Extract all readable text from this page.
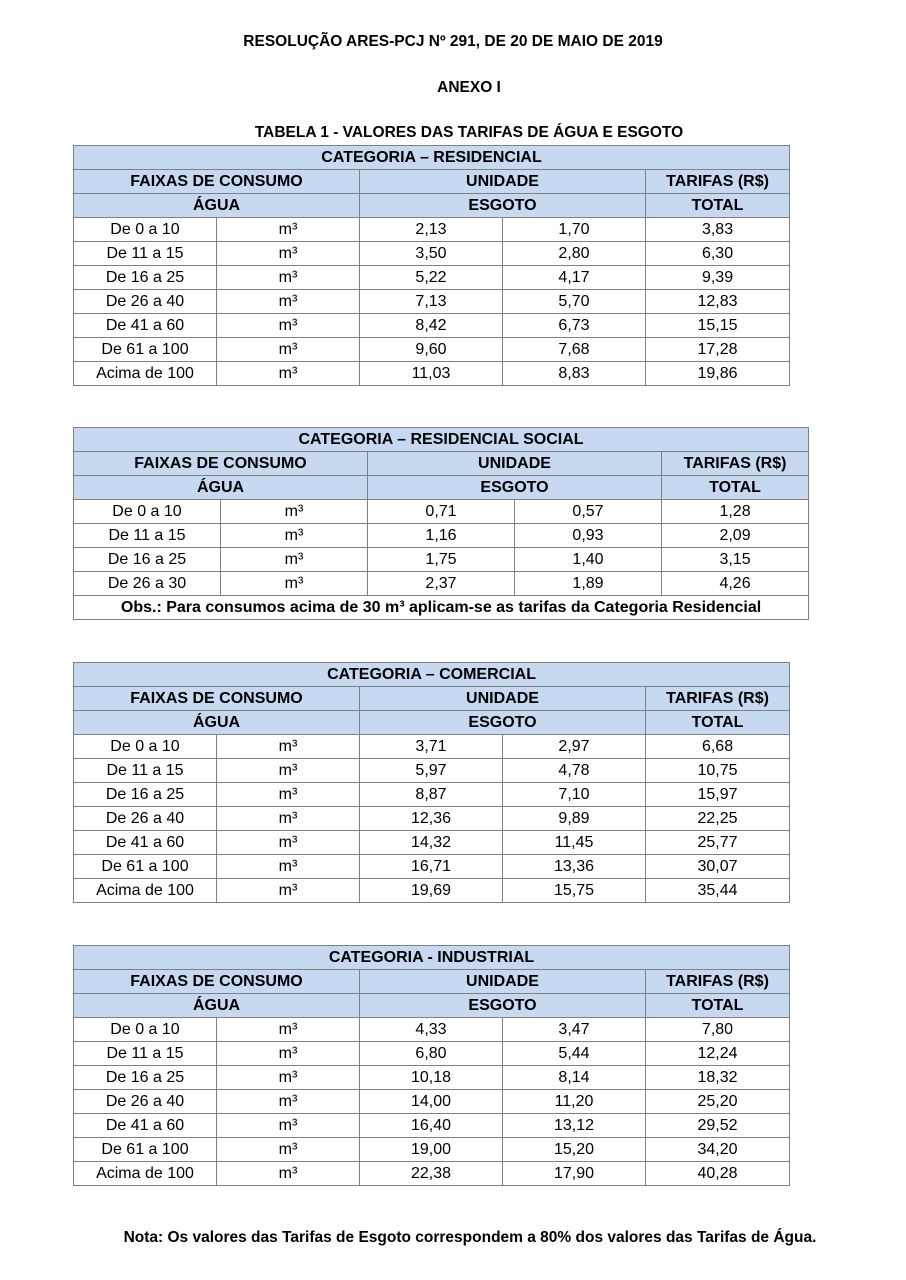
RESOLUÇÃO ARES-PCJ Nº 291, DE 20 DE MAIO DE 2019

ANEXO I

TABELA 1 - VALORES DAS TARIFAS DE ÁGUA E ESGOTO

CATEGORIA – RESIDENCIAL				
FAIXAS DE CONSUMO		UNIDADE		TARIFAS (R$)
ÁGUA		ESGOTO		TOTAL
De 0 a 10	m³	2,13	1,70	3,83
De 11 a 15	m³	3,50	2,80	6,30
De 16 a 25	m³	5,22	4,17	9,39
De 26 a 40	m³	7,13	5,70	12,83
De 41 a 60	m³	8,42	6,73	15,15
De 61 a 100	m³	9,60	7,68	17,28
Acima de 100	m³	11,03	8,83	19,86
CATEGORIA – RESIDENCIAL SOCIAL				
FAIXAS DE CONSUMO		UNIDADE		TARIFAS (R$)
ÁGUA		ESGOTO		TOTAL
De 0 a 10	m³	0,71	0,57	1,28
De 11 a 15	m³	1,16	0,93	2,09
De 16 a 25	m³	1,75	1,40	3,15
De 26 a 30	m³	2,37	1,89	4,26
Obs.: Para consumos acima de 30 m³ aplicam-se as tarifas da Categoria Residencial				
CATEGORIA – COMERCIAL				
FAIXAS DE CONSUMO		UNIDADE		TARIFAS (R$)
ÁGUA		ESGOTO		TOTAL
De 0 a 10	m³	3,71	2,97	6,68
De 11 a 15	m³	5,97	4,78	10,75
De 16 a 25	m³	8,87	7,10	15,97
De 26 a 40	m³	12,36	9,89	22,25
De 41 a 60	m³	14,32	11,45	25,77
De 61 a 100	m³	16,71	13,36	30,07
Acima de 100	m³	19,69	15,75	35,44
CATEGORIA - INDUSTRIAL				
FAIXAS DE CONSUMO		UNIDADE		TARIFAS (R$)
ÁGUA		ESGOTO		TOTAL
De 0 a 10	m³	4,33	3,47	7,80
De 11 a 15	m³	6,80	5,44	12,24
De 16 a 25	m³	10,18	8,14	18,32
De 26 a 40	m³	14,00	11,20	25,20
De 41 a 60	m³	16,40	13,12	29,52
De 61 a 100	m³	19,00	15,20	34,20
Acima de 100	m³	22,38	17,90	40,28

Nota: Os valores das Tarifas de Esgoto correspondem a 80% dos valores das Tarifas de Água.
